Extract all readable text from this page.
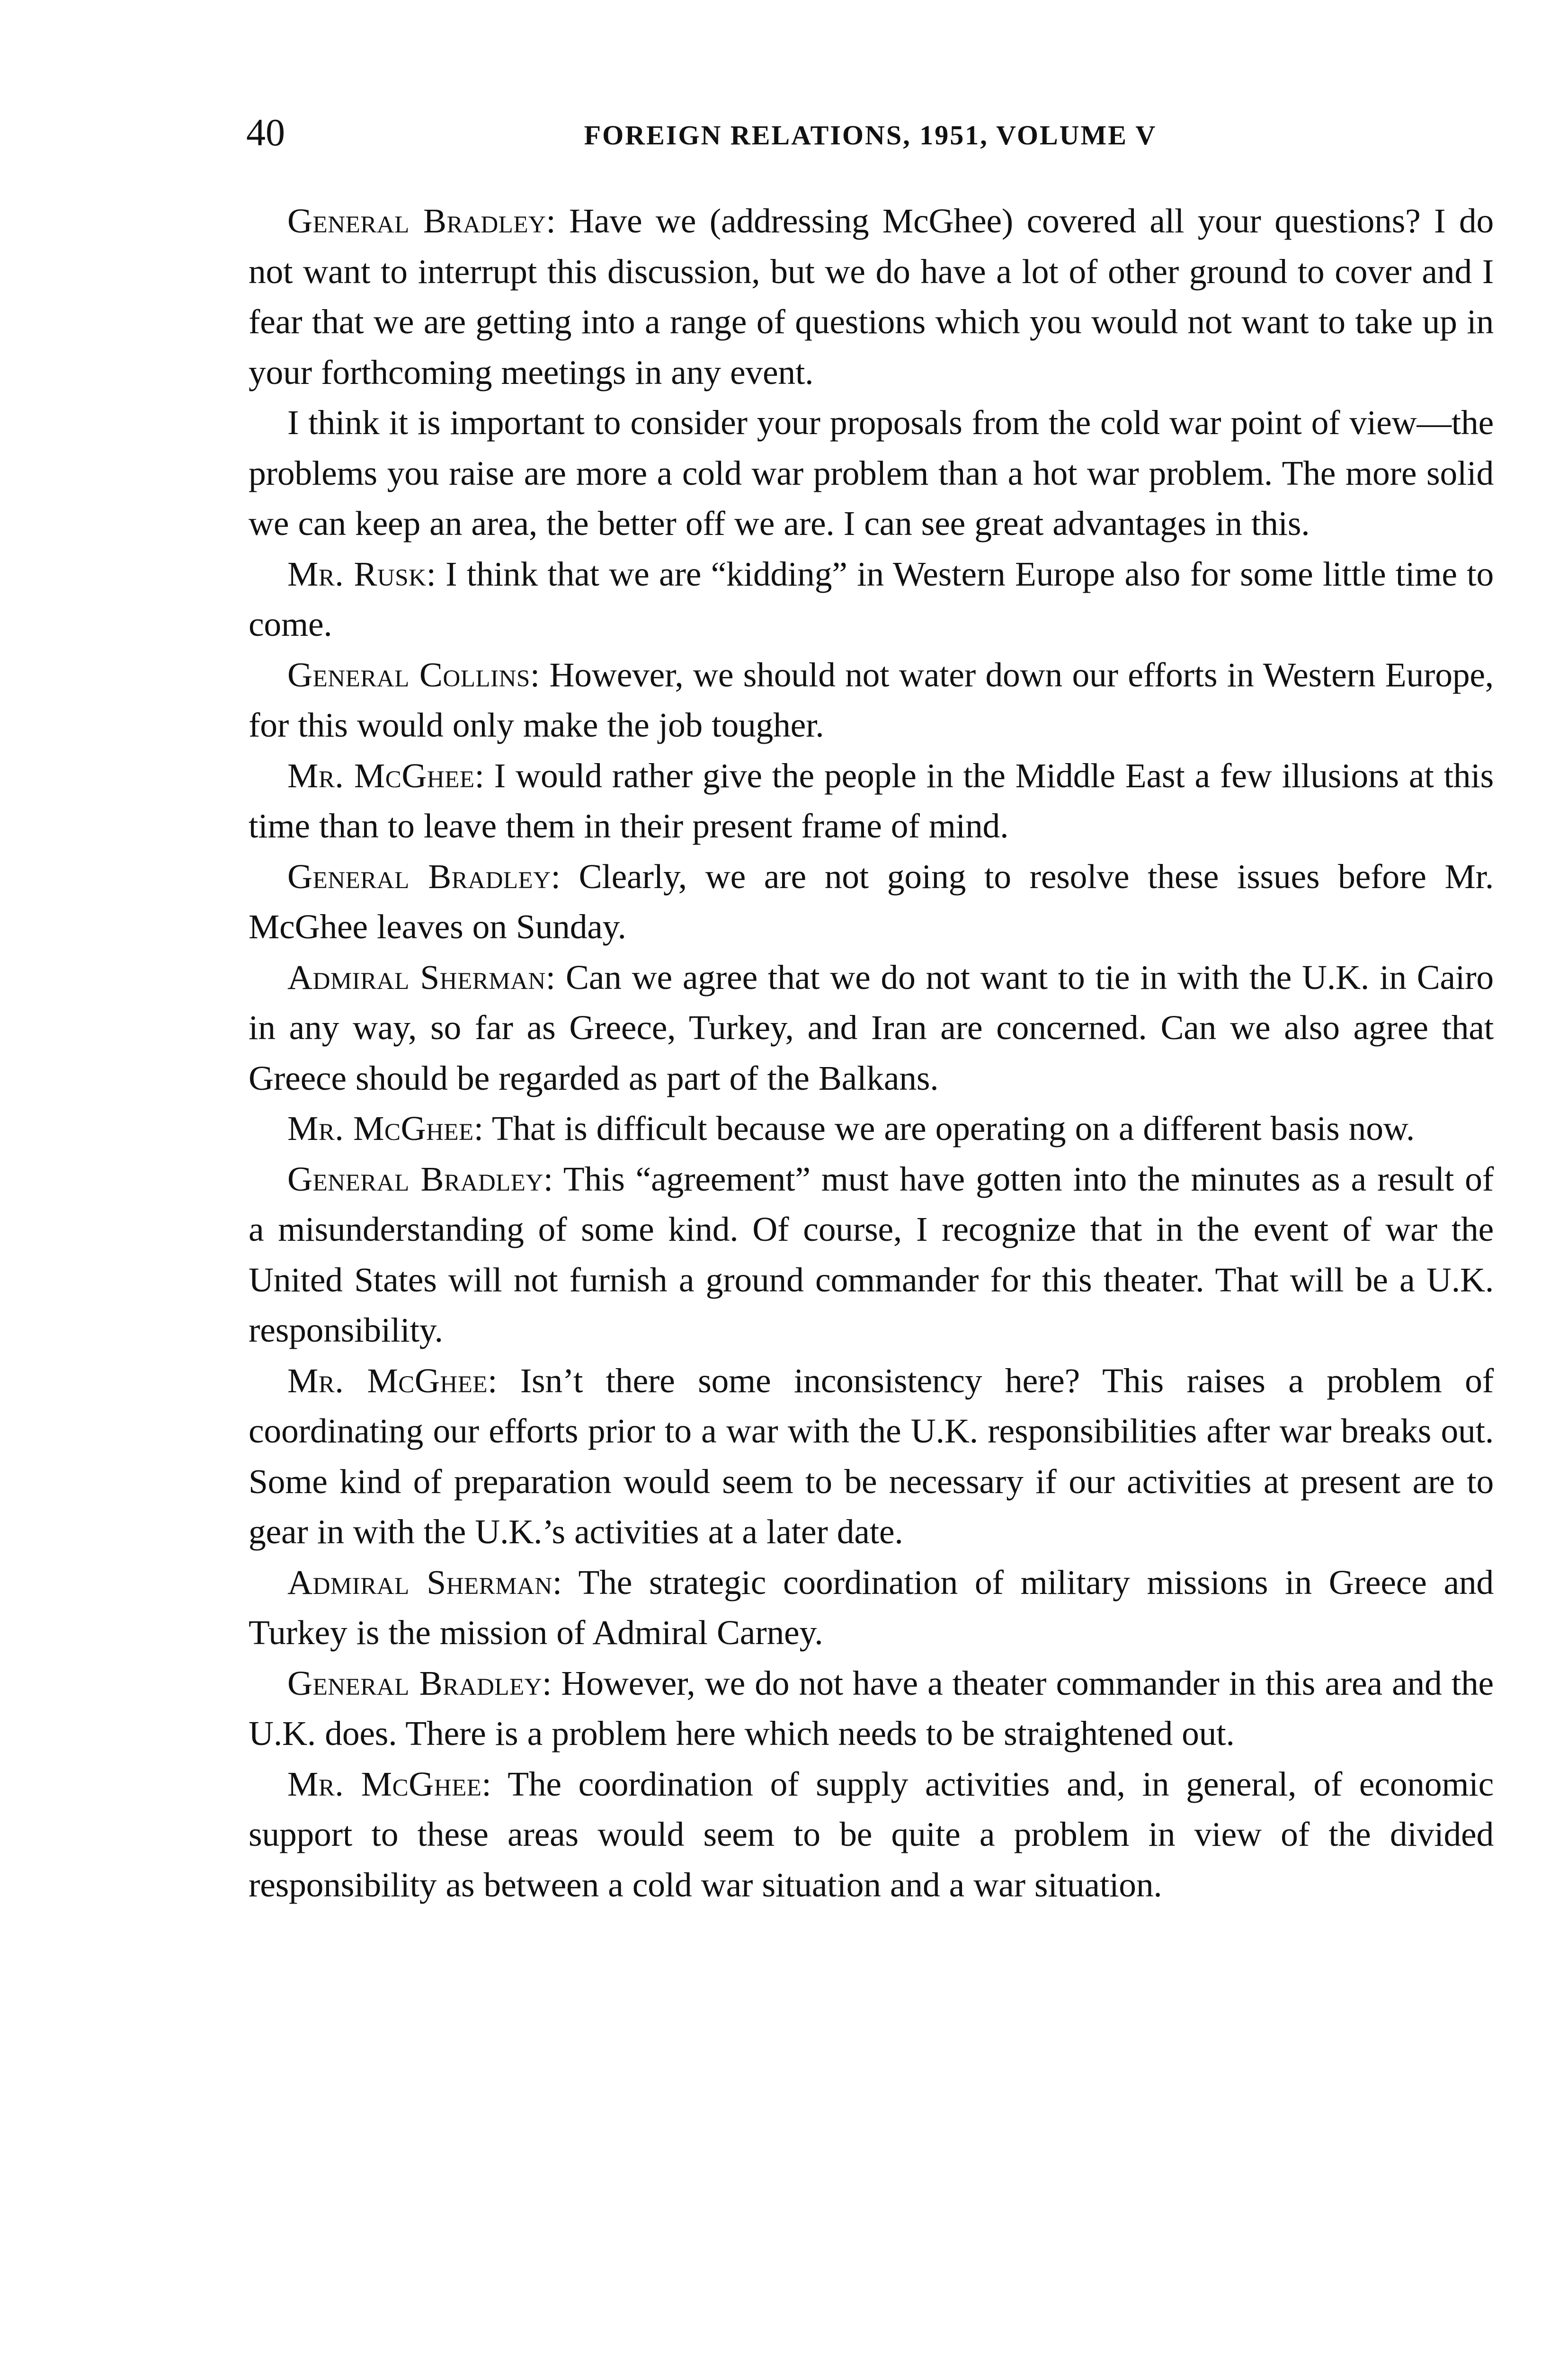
40	FOREIGN RELATIONS, 1951, VOLUME V

General Bradley: Have we (addressing McGhee) covered all your questions? I do not want to interrupt this discussion, but we do have a lot of other ground to cover and I fear that we are getting into a range of questions which you would not want to take up in your forthcoming meetings in any event.

I think it is important to consider your proposals from the cold war point of view—the problems you raise are more a cold war problem than a hot war problem. The more solid we can keep an area, the better off we are. I can see great advantages in this.

Mr. Rusk: I think that we are “kidding” in Western Europe also for some little time to come.

General Collins: However, we should not water down our efforts in Western Europe, for this would only make the job tougher.

Mr. McGhee: I would rather give the people in the Middle East a few illusions at this time than to leave them in their present frame of mind.

General Bradley: Clearly, we are not going to resolve these issues before Mr. McGhee leaves on Sunday.

Admiral Sherman: Can we agree that we do not want to tie in with the U.K. in Cairo in any way, so far as Greece, Turkey, and Iran are concerned. Can we also agree that Greece should be regarded as part of the Balkans.

Mr. McGhee: That is difficult because we are operating on a different basis now.

General Bradley: This “agreement” must have gotten into the minutes as a result of a misunderstanding of some kind. Of course, I recognize that in the event of war the United States will not furnish a ground commander for this theater. That will be a U.K. responsibility.

Mr. McGhee: Isn’t there some inconsistency here? This raises a problem of coordinating our efforts prior to a war with the U.K. responsibilities after war breaks out. Some kind of preparation would seem to be necessary if our activities at present are to gear in with the U.K.’s activities at a later date.

Admiral Sherman: The strategic coordination of military missions in Greece and Turkey is the mission of Admiral Carney.

General Bradley: However, we do not have a theater commander in this area and the U.K. does. There is a problem here which needs to be straightened out.

Mr. McGhee: The coordination of supply activities and, in general, of economic support to these areas would seem to be quite a problem in view of the divided responsibility as between a cold war situation and a war situation.
